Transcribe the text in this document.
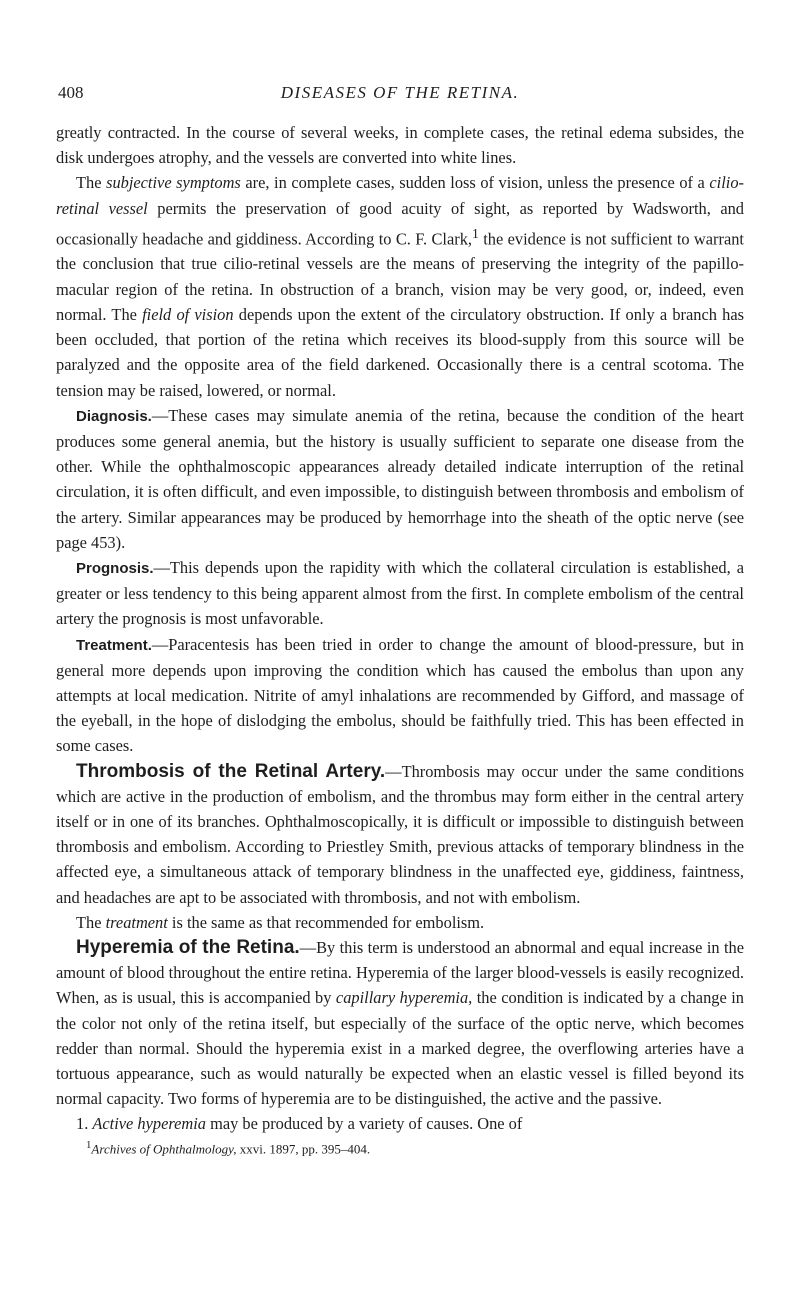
408	DISEASES OF THE RETINA.

greatly contracted. In the course of several weeks, in complete cases, the retinal edema subsides, the disk undergoes atrophy, and the vessels are converted into white lines.

The subjective symptoms are, in complete cases, sudden loss of vision, unless the presence of a cilio-retinal vessel permits the preservation of good acuity of sight, as reported by Wadsworth, and occasionally headache and giddiness. According to C. F. Clark,$^1$ the evidence is not sufficient to warrant the conclusion that true cilio-retinal vessels are the means of preserving the integrity of the papillo-macular region of the retina. In obstruction of a branch, vision may be very good, or, indeed, even normal. The field of vision depends upon the extent of the circulatory obstruction. If only a branch has been occluded, that portion of the retina which receives its blood-supply from this source will be paralyzed and the opposite area of the field darkened. Occasionally there is a central scotoma. The tension may be raised, lowered, or normal.

Diagnosis.—These cases may simulate anemia of the retina, because the condition of the heart produces some general anemia, but the history is usually sufficient to separate one disease from the other. While the ophthalmoscopic appearances already detailed indicate interruption of the retinal circulation, it is often difficult, and even impossible, to distinguish between thrombosis and embolism of the artery. Similar appearances may be produced by hemorrhage into the sheath of the optic nerve (see page 453).

Prognosis.—This depends upon the rapidity with which the collateral circulation is established, a greater or less tendency to this being apparent almost from the first. In complete embolism of the central artery the prognosis is most unfavorable.

Treatment.—Paracentesis has been tried in order to change the amount of blood-pressure, but in general more depends upon improving the condition which has caused the embolus than upon any attempts at local medication. Nitrite of amyl inhalations are recommended by Gifford, and massage of the eyeball, in the hope of dislodging the embolus, should be faithfully tried. This has been effected in some cases.

Thrombosis of the Retinal Artery.—Thrombosis may occur under the same conditions which are active in the production of embolism, and the thrombus may form either in the central artery itself or in one of its branches. Ophthalmoscopically, it is difficult or impossible to distinguish between thrombosis and embolism. According to Priestley Smith, previous attacks of temporary blindness in the affected eye, a simultaneous attack of temporary blindness in the unaffected eye, giddiness, faintness, and headaches are apt to be associated with thrombosis, and not with embolism.

The treatment is the same as that recommended for embolism.

Hyperemia of the Retina.—By this term is understood an abnormal and equal increase in the amount of blood throughout the entire retina. Hyperemia of the larger blood-vessels is easily recognized. When, as is usual, this is accompanied by capillary hyperemia, the condition is indicated by a change in the color not only of the retina itself, but especially of the surface of the optic nerve, which becomes redder than normal. Should the hyperemia exist in a marked degree, the overflowing arteries have a tortuous appearance, such as would naturally be expected when an elastic vessel is filled beyond its normal capacity. Two forms of hyperemia are to be distinguished, the active and the passive.

1. Active hyperemia may be produced by a variety of causes. One of

$^1$Archives of Ophthalmology, xxvi. 1897, pp. 395–404.
